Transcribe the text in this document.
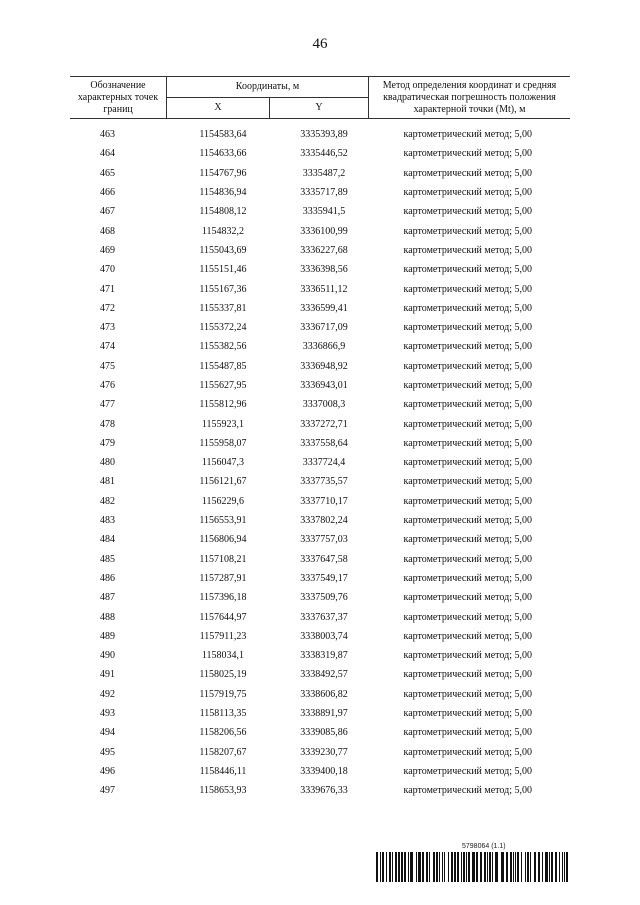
46
Обозначение характерных точек границ	Координаты, м		Метод определения координат и средняя квадратическая погрешность положения характерной точки (Mt), м
	X	Y	
463	1154583,64	3335393,89	картометрический метод; 5,00
464	1154633,66	3335446,52	картометрический метод; 5,00
465	1154767,96	3335487,2	картометрический метод; 5,00
466	1154836,94	3335717,89	картометрический метод; 5,00
467	1154808,12	3335941,5	картометрический метод; 5,00
468	1154832,2	3336100,99	картометрический метод; 5,00
469	1155043,69	3336227,68	картометрический метод; 5,00
470	1155151,46	3336398,56	картометрический метод; 5,00
471	1155167,36	3336511,12	картометрический метод; 5,00
472	1155337,81	3336599,41	картометрический метод; 5,00
473	1155372,24	3336717,09	картометрический метод; 5,00
474	1155382,56	3336866,9	картометрический метод; 5,00
475	1155487,85	3336948,92	картометрический метод; 5,00
476	1155627,95	3336943,01	картометрический метод; 5,00
477	1155812,96	3337008,3	картометрический метод; 5,00
478	1155923,1	3337272,71	картометрический метод; 5,00
479	1155958,07	3337558,64	картометрический метод; 5,00
480	1156047,3	3337724,4	картометрический метод; 5,00
481	1156121,67	3337735,57	картометрический метод; 5,00
482	1156229,6	3337710,17	картометрический метод; 5,00
483	1156553,91	3337802,24	картометрический метод; 5,00
484	1156806,94	3337757,03	картометрический метод; 5,00
485	1157108,21	3337647,58	картометрический метод; 5,00
486	1157287,91	3337549,17	картометрический метод; 5,00
487	1157396,18	3337509,76	картометрический метод; 5,00
488	1157644,97	3337637,37	картометрический метод; 5,00
489	1157911,23	3338003,74	картометрический метод; 5,00
490	1158034,1	3338319,87	картометрический метод; 5,00
491	1158025,19	3338492,57	картометрический метод; 5,00
492	1157919,75	3338606,82	картометрический метод; 5,00
493	1158113,35	3338891,97	картометрический метод; 5,00
494	1158206,56	3339085,86	картометрический метод; 5,00
495	1158207,67	3339230,77	картометрический метод; 5,00
496	1158446,11	3339400,18	картометрический метод; 5,00
497	1158653,93	3339676,33	картометрический метод; 5,00
5798064 (1.1)
